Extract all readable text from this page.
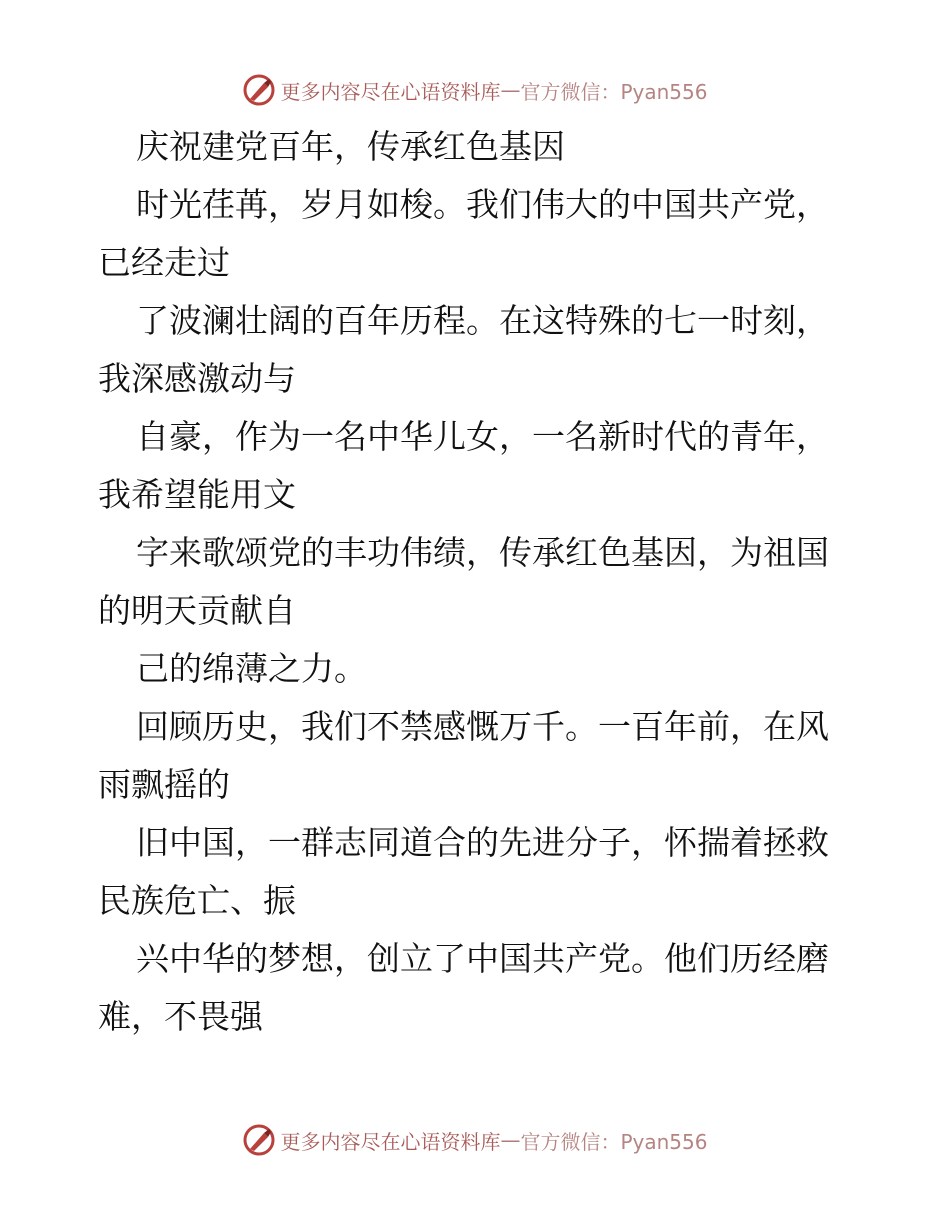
更多内容尽在心语资料库 — 官方微信：Pyan556
庆祝建党百年，传承红色基因
时光荏苒，岁月如梭。我们伟大的中国共产党，
已经走过
了波澜壮阔的百年历程。在这特殊的七一时刻，
我深感激动与
自豪，作为一名中华儿女，一名新时代的青年，
我希望能用文
字来歌颂党的丰功伟绩，传承红色基因，为祖国
的明天贡献自
己的绵薄之力。
回顾历史，我们不禁感慨万千。一百年前，在风
雨飘摇的
旧中国，一群志同道合的先进分子，怀揣着拯救
民族危亡、振
兴中华的梦想，创立了中国共产党。他们历经磨
难，不畏强
更多内容尽在心语资料库 — 官方微信：Pyan556
